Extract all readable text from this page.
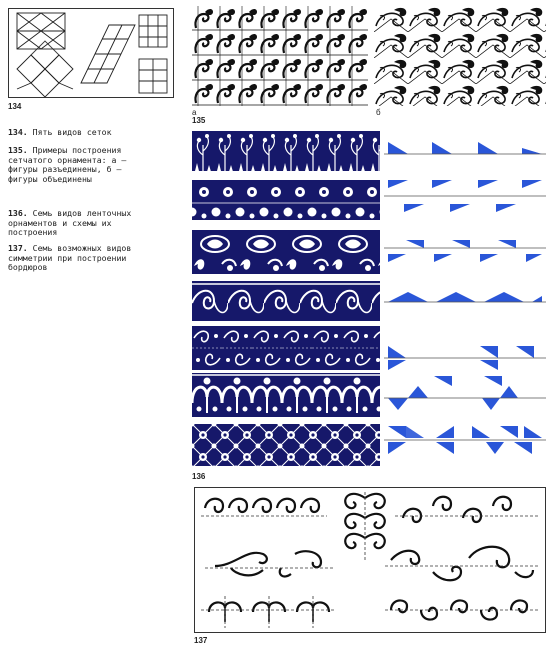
134
а
135
б
134. Пять видов сеток
135. Примеры построения сетчатого орнамента: а — фигуры разъединены, б — фигуры объединены
136. Семь видов ленточных орнаментов и схемы их построения
137. Семь возможных видов симметрии при построении бордюров
136
137
